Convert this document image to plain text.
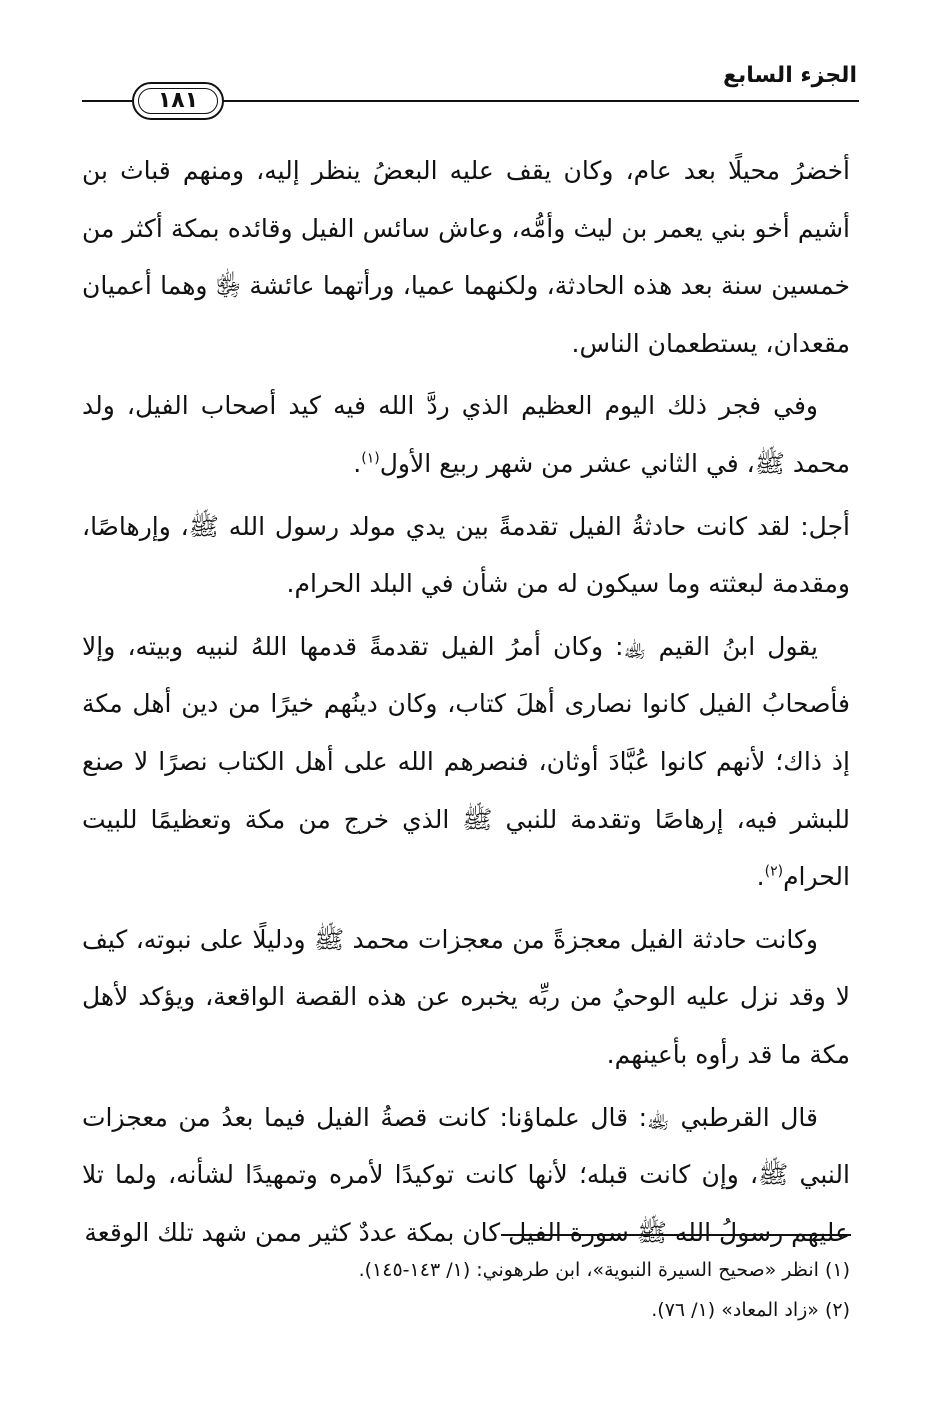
الجزء السابع
١٨١

أخضرُ محيلًا بعد عام، وكان يقف عليه البعضُ ينظر إليه، ومنهم قباث بن أشيم أخو بني يعمر بن ليث وأمُّه، وعاش سائس الفيل وقائده بمكة أكثر من خمسين سنة بعد هذه الحادثة، ولكنهما عميا، ورأتهما عائشة ﵂ وهما أعميان مقعدان، يستطعمان الناس.

وفي فجر ذلك اليوم العظيم الذي ردَّ الله فيه كيد أصحاب الفيل، ولد محمد ﷺ، في الثاني عشر من شهر ربيع الأول$^{(١)}$.

أجل: لقد كانت حادثةُ الفيل تقدمةً بين يدي مولد رسول الله ﷺ، وإرهاصًا، ومقدمة لبعثته وما سيكون له من شأن في البلد الحرام.

يقول ابنُ القيم ﵀: وكان أمرُ الفيل تقدمةً قدمها اللهُ لنبيه وبيته، وإلا فأصحابُ الفيل كانوا نصارى أهلَ كتاب، وكان دينُهم خيرًا من دين أهل مكة إذ ذاك؛ لأنهم كانوا عُبَّادَ أوثان، فنصرهم الله على أهل الكتاب نصرًا لا صنع للبشر فيه، إرهاصًا وتقدمة للنبي ﷺ الذي خرج من مكة وتعظيمًا للبيت الحرام$^{(٢)}$.

وكانت حادثة الفيل معجزةً من معجزات محمد ﷺ ودليلًا على نبوته، كيف لا وقد نزل عليه الوحيُ من ربِّه يخبره عن هذه القصة الواقعة، ويؤكد لأهل مكة ما قد رأوه بأعينهم.

قال القرطبي ﵀: قال علماؤنا: كانت قصةُ الفيل فيما بعدُ من معجزات النبي ﷺ، وإن كانت قبله؛ لأنها كانت توكيدًا لأمره وتمهيدًا لشأنه، ولما تلا عليهم رسولُ الله ﷺ سورة الفيل كان بمكة عددٌ كثير ممن شهد تلك الوقعة

(١) انظر «صحيح السيرة النبوية»، ابن طرهوني: (١/ ١٤٣-١٤٥).

(٢) «زاد المعاد» (١/ ٧٦).
